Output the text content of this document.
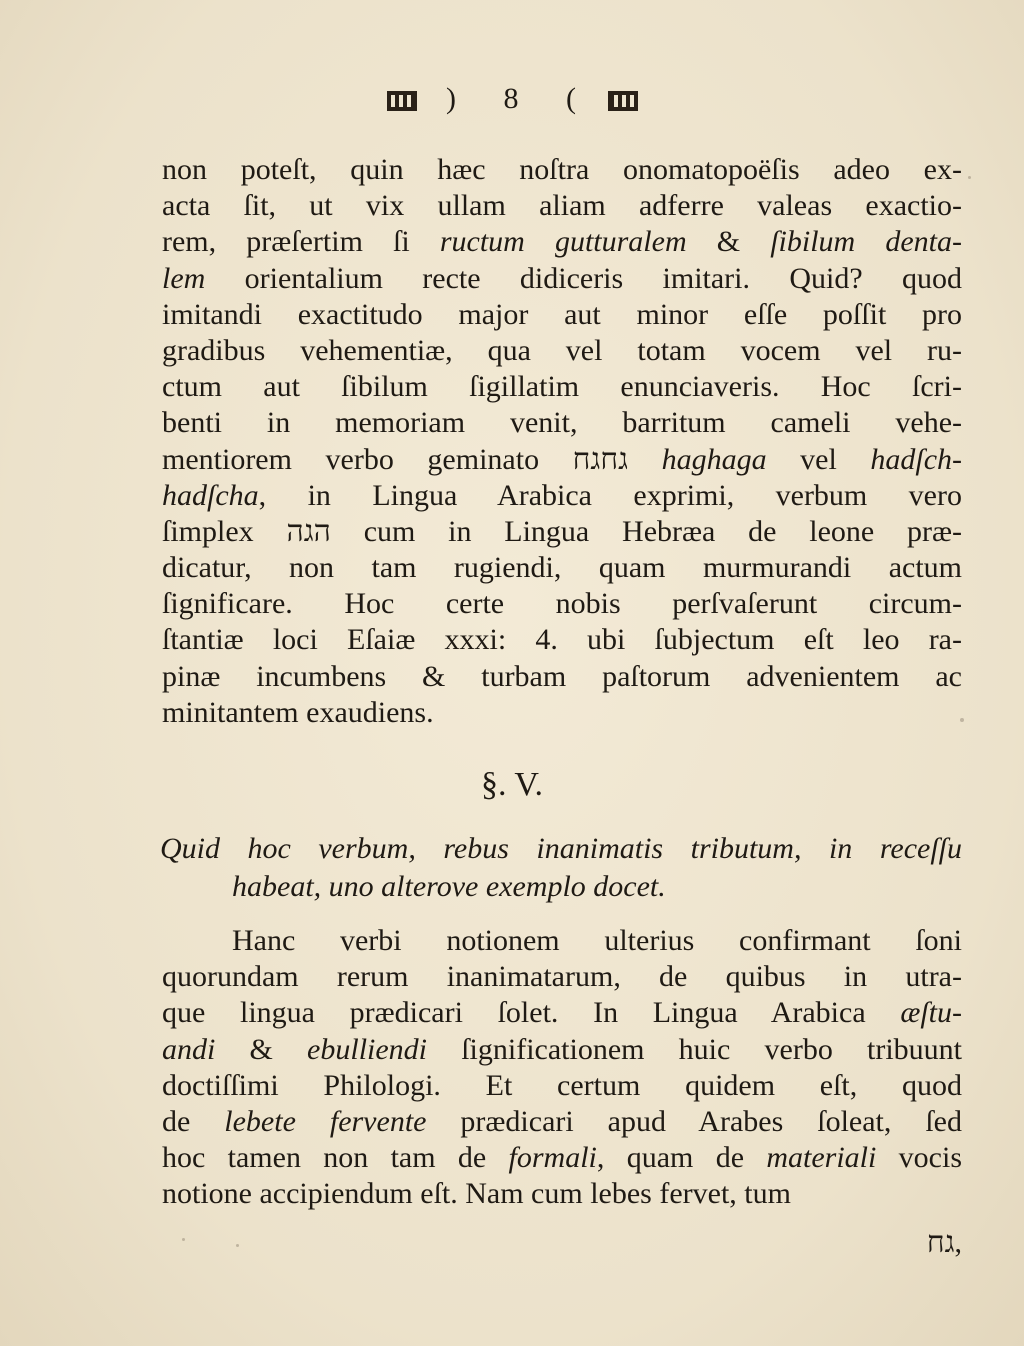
) 8 (
non poteſt, quin hæc noſtra onomatopoëſis adeo ex-
acta ſit, ut vix ullam aliam adferre valeas exactio-
rem, præſertim ſi ructum gutturalem & ſibilum denta-
lem orientalium recte didiceris imitari. Quid? quod
imitandi exactitudo major aut minor eſſe poſſit pro
gradibus vehementiæ, qua vel totam vocem vel ru-
ctum aut ſibilum ſigillatim enunciaveris. Hoc ſcri-
benti in memoriam venit, barritum cameli vehe-
mentiorem verbo geminato גחגח haghaga vel hadſch-
hadſcha, in Lingua Arabica exprimi, verbum vero
ſimplex הגה cum in Lingua Hebræa de leone præ-
dicatur, non tam rugiendi, quam murmurandi actum
ſignificare. Hoc certe nobis perſvaſerunt circum-
ſtantiæ loci Eſaiæ xxxi: 4. ubi ſubjectum eſt leo ra-
pinæ incumbens & turbam paſtorum advenientem ac
minitantem exaudiens.
§. V.
Quid hoc verbum, rebus inanimatis tributum, in receſſu
habeat, uno alterove exemplo docet.
Hanc verbi notionem ulterius confirmant ſoni
quorundam rerum inanimatarum, de quibus in utra-
que lingua prædicari ſolet. In Lingua Arabica æſtu-
andi & ebulliendi ſignificationem huic verbo tribuunt
doctiſſimi Philologi. Et certum quidem eſt, quod
de lebete fervente prædicari apud Arabes ſoleat, ſed
hoc tamen non tam de formali, quam de materiali vocis
notione accipiendum eſt. Nam cum lebes fervet, tum
גח,
